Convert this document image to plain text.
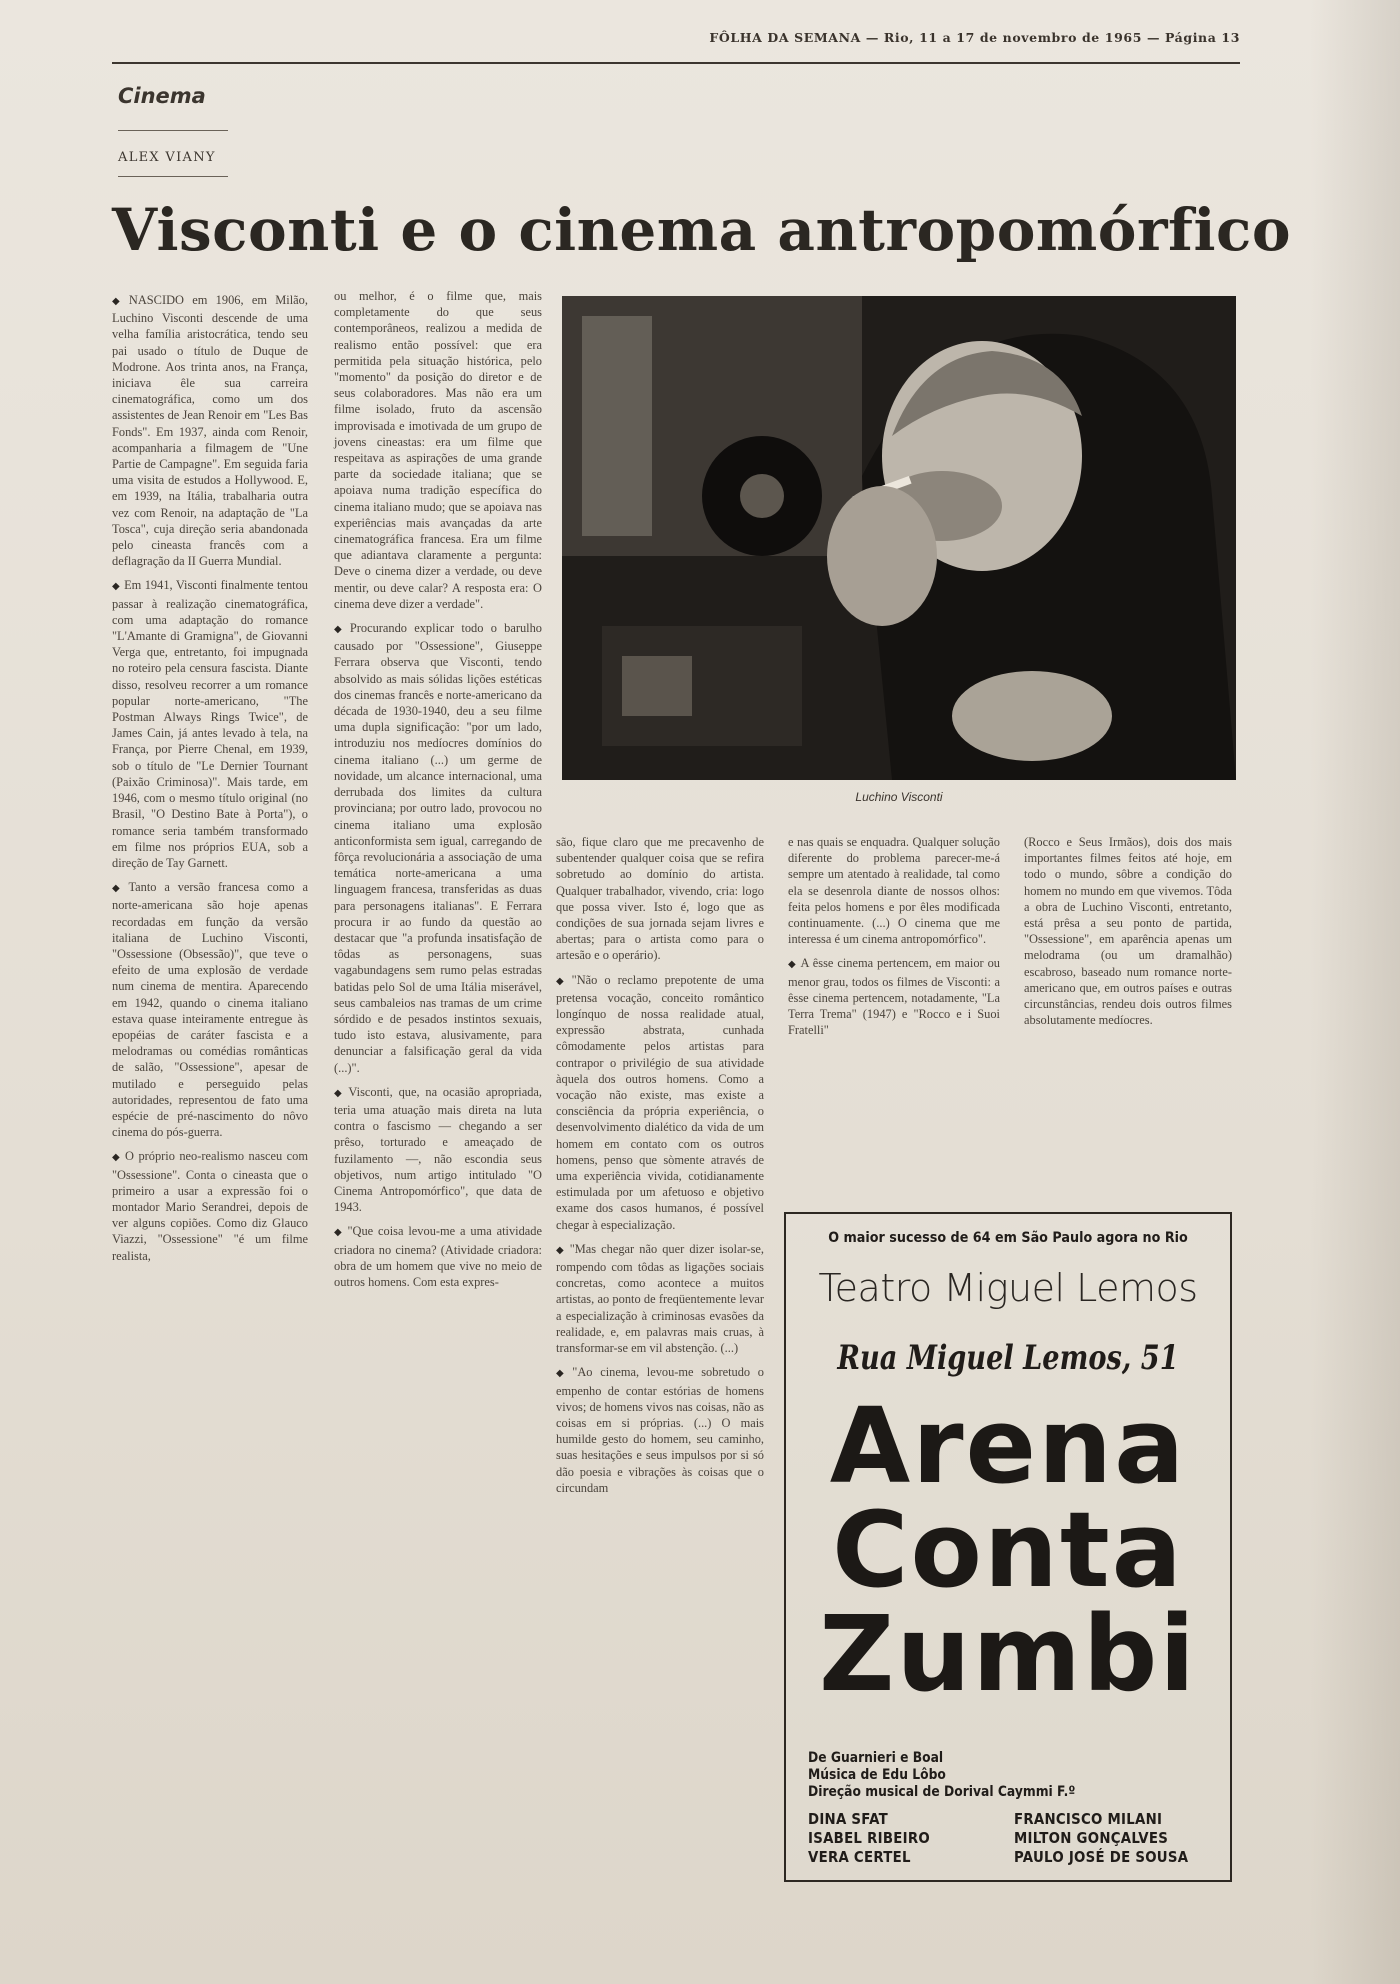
FÔLHA DA SEMANA — Rio, 11 a 17 de novembro de 1965 — Página 13
Cinema
ALEX VIANY
Visconti e o cinema antropomórfico

◆ NASCIDO em 1906, em Milão, Luchino Visconti descende de uma velha família aristocrática, tendo seu pai usado o título de Duque de Modrone. Aos trinta anos, na França, iniciava êle sua carreira cinematográfica, como um dos assistentes de Jean Renoir em "Les Bas Fonds". Em 1937, ainda com Renoir, acompanharia a filmagem de "Une Partie de Campagne". Em seguida faria uma visita de estudos a Hollywood. E, em 1939, na Itália, trabalharia outra vez com Renoir, na adaptação de "La Tosca", cuja direção seria abandonada pelo cineasta francês com a deflagração da II Guerra Mundial.

◆ Em 1941, Visconti finalmente tentou passar à realização cinematográfica, com uma adaptação do romance "L'Amante di Gramigna", de Giovanni Verga que, entretanto, foi impugnada no roteiro pela censura fascista. Diante disso, resolveu recorrer a um romance popular norte-americano, "The Postman Always Rings Twice", de James Cain, já antes levado à tela, na França, por Pierre Chenal, em 1939, sob o título de "Le Dernier Tournant (Paixão Criminosa)". Mais tarde, em 1946, com o mesmo título original (no Brasil, "O Destino Bate à Porta"), o romance seria também transformado em filme nos próprios EUA, sob a direção de Tay Garnett.

◆ Tanto a versão francesa como a norte-americana são hoje apenas recordadas em função da versão italiana de Luchino Visconti, "Ossessione (Obsessão)", que teve o efeito de uma explosão de verdade num cinema de mentira. Aparecendo em 1942, quando o cinema italiano estava quase inteiramente entregue às epopéias de caráter fascista e a melodramas ou comédias românticas de salão, "Ossessione", apesar de mutilado e perseguido pelas autoridades, representou de fato uma espécie de pré-nascimento do nôvo cinema do pós-guerra.

◆ O próprio neo-realismo nasceu com "Ossessione". Conta o cineasta que o primeiro a usar a expressão foi o montador Mario Serandrei, depois de ver alguns copiões. Como diz Glauco Viazzi, "Ossessione" "é um filme realista,

ou melhor, é o filme que, mais completamente do que seus contemporâneos, realizou a medida de realismo então possível: que era permitida pela situação histórica, pelo "momento" da posição do diretor e de seus colaboradores. Mas não era um filme isolado, fruto da ascensão improvisada e imotivada de um grupo de jovens cineastas: era um filme que respeitava as aspirações de uma grande parte da sociedade italiana; que se apoiava numa tradição específica do cinema italiano mudo; que se apoiava nas experiências mais avançadas da arte cinematográfica francesa. Era um filme que adiantava claramente a pergunta: Deve o cinema dizer a verdade, ou deve mentir, ou deve calar? A resposta era: O cinema deve dizer a verdade".

◆ Procurando explicar todo o barulho causado por "Ossessione", Giuseppe Ferrara observa que Visconti, tendo absolvido as mais sólidas lições estéticas dos cinemas francês e norte-americano da década de 1930-1940, deu a seu filme uma dupla significação: "por um lado, introduziu nos medíocres domínios do cinema italiano (...) um germe de novidade, um alcance internacional, uma derrubada dos limites da cultura provinciana; por outro lado, provocou no cinema italiano uma explosão anticonformista sem igual, carregando de fôrça revolucionária a associação de uma temática norte-americana a uma linguagem francesa, transferidas as duas para personagens italianas". E Ferrara procura ir ao fundo da questão ao destacar que "a profunda insatisfação de tôdas as personagens, suas vagabundagens sem rumo pelas estradas batidas pelo Sol de uma Itália miserável, seus cambaleios nas tramas de um crime sórdido e de pesados instintos sexuais, tudo isto estava, alusivamente, para denunciar a falsificação geral da vida (...)".

◆ Visconti, que, na ocasião apropriada, teria uma atuação mais direta na luta contra o fascismo — chegando a ser prêso, torturado e ameaçado de fuzilamento —, não escondia seus objetivos, num artigo intitulado "O Cinema Antropomórfico", que data de 1943.

◆ "Que coisa levou-me a uma atividade criadora no cinema? (Atividade criadora: obra de um homem que vive no meio de outros homens. Com esta expres-

Luchino Visconti

são, fique claro que me precavenho de subentender qualquer coisa que se refira sobretudo ao domínio do artista. Qualquer trabalhador, vivendo, cria: logo que possa viver. Isto é, logo que as condições de sua jornada sejam livres e abertas; para o artista como para o artesão e o operário).

◆ "Não o reclamo prepotente de uma pretensa vocação, conceito romântico longínquo de nossa realidade atual, expressão abstrata, cunhada cômodamente pelos artistas para contrapor o privilégio de sua atividade àquela dos outros homens. Como a vocação não existe, mas existe a consciência da própria experiência, o desenvolvimento dialético da vida de um homem em contato com os outros homens, penso que sòmente através de uma experiência vivida, cotidianamente estimulada por um afetuoso e objetivo exame dos casos humanos, é possível chegar à especialização.

◆ "Mas chegar não quer dizer isolar-se, rompendo com tôdas as ligações sociais concretas, como acontece a muitos artistas, ao ponto de freqüentemente levar a especialização à criminosas evasões da realidade, e, em palavras mais cruas, à transformar-se em vil abstenção. (...)

◆ "Ao cinema, levou-me sobretudo o empenho de contar estórias de homens vivos; de homens vivos nas coisas, não as coisas em si próprias. (...) O mais humilde gesto do homem, seu caminho, suas hesitações e seus impulsos por si só dão poesia e vibrações às coisas que o circundam

e nas quais se enquadra. Qualquer solução diferente do problema parecer-me-á sempre um atentado à realidade, tal como ela se desenrola diante de nossos olhos: feita pelos homens e por êles modificada continuamente. (...) O cinema que me interessa é um cinema antropomórfico".

◆ A êsse cinema pertencem, em maior ou menor grau, todos os filmes de Visconti: a êsse cinema pertencem, notadamente, "La Terra Trema" (1947) e "Rocco e i Suoi Fratelli"

(Rocco e Seus Irmãos), dois dos mais importantes filmes feitos até hoje, em todo o mundo, sôbre a condição do homem no mundo em que vivemos. Tôda a obra de Luchino Visconti, entretanto, está prêsa a seu ponto de partida, "Ossessione", em aparência apenas um melodrama (ou um dramalhão) escabroso, baseado num romance norte-americano que, em outros países e outras circunstâncias, rendeu dois outros filmes absolutamente medíocres.

O maior sucesso de 64 em São Paulo agora no Rio
Teatro Miguel Lemos
Rua Miguel Lemos, 51
Arena
Conta
Zumbi
De Guarnieri e Boal
Música de Edu Lôbo
Direção musical de Dorival Caymmi F.º
DINA SFAT
ISABEL RIBEIRO
VERA CERTEL
FRANCISCO MILANI
MILTON GONÇALVES
PAULO JOSÉ DE SOUSA
